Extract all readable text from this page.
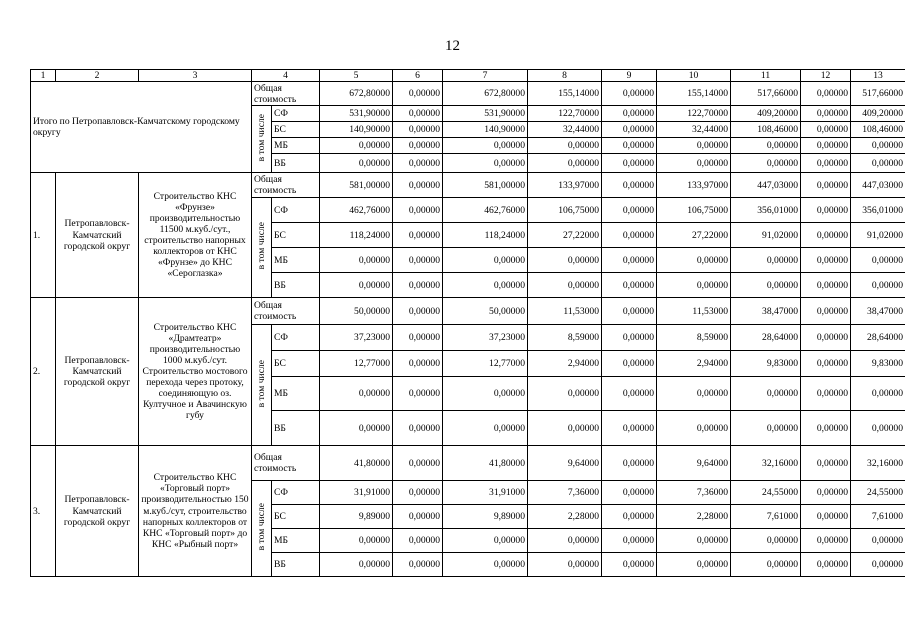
12
1	2	3	4		5	6	7	8	9	10	11	12	13
Итого по Петропавловск-Камчатскому городскому округу			Общая стоимость		672,80000	0,00000	672,80000	155,14000	0,00000	155,14000	517,66000	0,00000	517,66000
			в том числе	СФ	531,90000	0,00000	531,90000	122,70000	0,00000	122,70000	409,20000	0,00000	409,20000
				БС	140,90000	0,00000	140,90000	32,44000	0,00000	32,44000	108,46000	0,00000	108,46000
				МБ	0,00000	0,00000	0,00000	0,00000	0,00000	0,00000	0,00000	0,00000	0,00000
				ВБ	0,00000	0,00000	0,00000	0,00000	0,00000	0,00000	0,00000	0,00000	0,00000
1.	Петропавловск-Камчатский городской округ	Строительство КНС «Фрунзе» производительностью 11500 м.куб./сут., строительство напорных коллекторов от КНС «Фрунзе» до КНС «Сероглазка»	Общая стоимость		581,00000	0,00000	581,00000	133,97000	0,00000	133,97000	447,03000	0,00000	447,03000
			в том числе	СФ	462,76000	0,00000	462,76000	106,75000	0,00000	106,75000	356,01000	0,00000	356,01000
				БС	118,24000	0,00000	118,24000	27,22000	0,00000	27,22000	91,02000	0,00000	91,02000
				МБ	0,00000	0,00000	0,00000	0,00000	0,00000	0,00000	0,00000	0,00000	0,00000
				ВБ	0,00000	0,00000	0,00000	0,00000	0,00000	0,00000	0,00000	0,00000	0,00000
2.	Петропавловск-Камчатский городской округ	Строительство КНС «Драмтеатр» производительностью 1000 м.куб./сут. Строительство мостового перехода через протоку, соединяющую оз. Култучное и Авачинскую губу	Общая стоимость		50,00000	0,00000	50,00000	11,53000	0,00000	11,53000	38,47000	0,00000	38,47000
			в том числе	СФ	37,23000	0,00000	37,23000	8,59000	0,00000	8,59000	28,64000	0,00000	28,64000
				БС	12,77000	0,00000	12,77000	2,94000	0,00000	2,94000	9,83000	0,00000	9,83000
				МБ	0,00000	0,00000	0,00000	0,00000	0,00000	0,00000	0,00000	0,00000	0,00000
				ВБ	0,00000	0,00000	0,00000	0,00000	0,00000	0,00000	0,00000	0,00000	0,00000
3.	Петропавловск-Камчатский городской округ	Строительство КНС «Торговый порт» производительностью 150 м.куб./сут, строительство напорных коллекторов от КНС «Торговый порт» до КНС «Рыбный порт»	Общая стоимость		41,80000	0,00000	41,80000	9,64000	0,00000	9,64000	32,16000	0,00000	32,16000
			в том числе	СФ	31,91000	0,00000	31,91000	7,36000	0,00000	7,36000	24,55000	0,00000	24,55000
				БС	9,89000	0,00000	9,89000	2,28000	0,00000	2,28000	7,61000	0,00000	7,61000
				МБ	0,00000	0,00000	0,00000	0,00000	0,00000	0,00000	0,00000	0,00000	0,00000
				ВБ	0,00000	0,00000	0,00000	0,00000	0,00000	0,00000	0,00000	0,00000	0,00000
